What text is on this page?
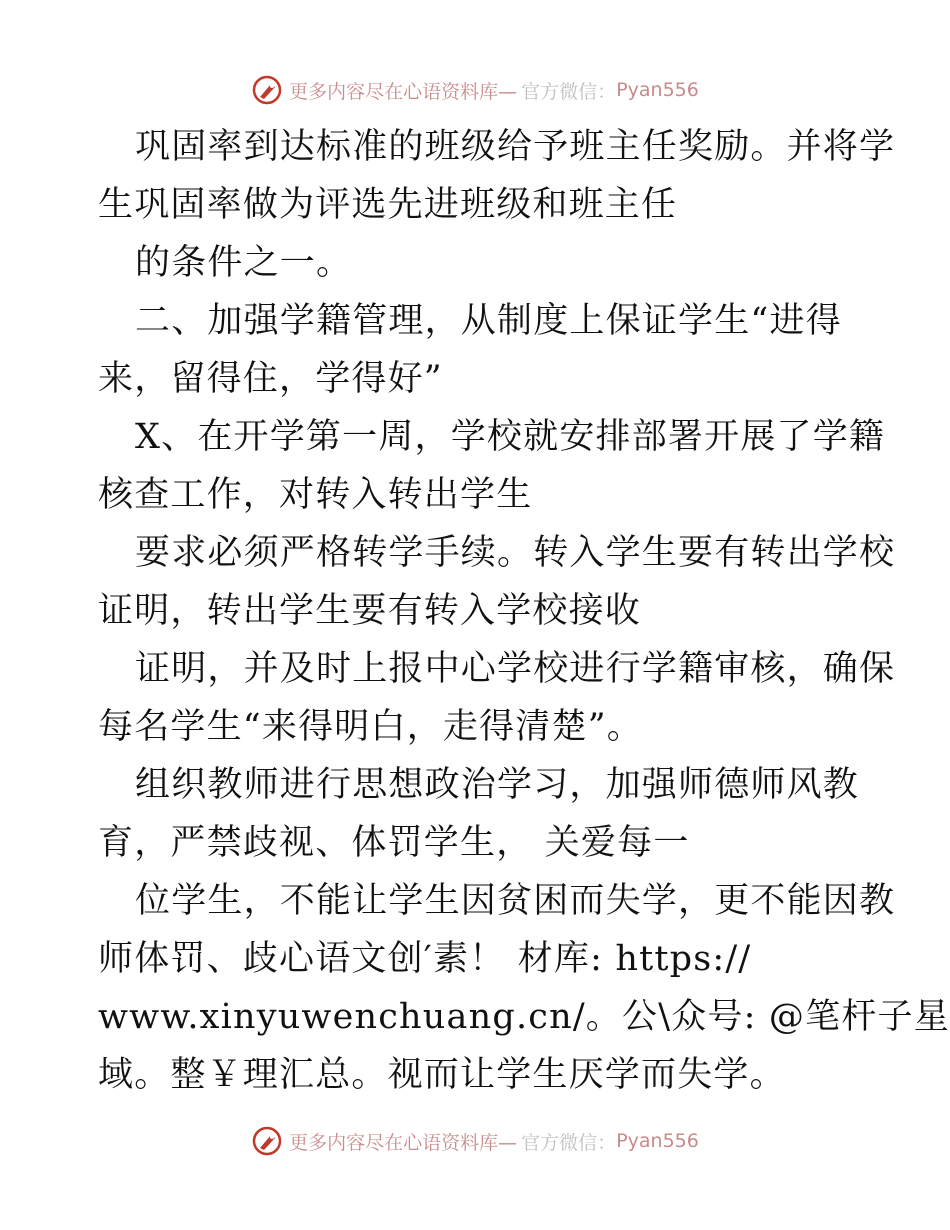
更多内容尽在心语资料库— 官方微信： Pyan556
巩固率到达标准的班级给予班主任奖励。并将学
生巩固率做为评选先进班级和班主任
的条件之一。
二、加强学籍管理，从制度上保证学生“进得
来，留得住，学得好”
X、在开学第一周，学校就安排部署开展了学籍
核查工作，对转入转出学生
要求必须严格转学手续。转入学生要有转出学校
证明，转出学生要有转入学校接收
证明，并及时上报中心学校进行学籍审核，确保
每名学生“来得明白，走得清楚”。
组织教师进行思想政治学习，加强师德师风教
育，严禁歧视、体罚学生， 关爱每一
位学生，不能让学生因贫困而失学，更不能因教
师体罚、歧心语文创′素！ 材库: https://
www.xinyuwenchuang.cn/。公\众号: @笔杆子星
域。整￥理汇总。视而让学生厌学而失学。
更多内容尽在心语资料库— 官方微信： Pyan556
